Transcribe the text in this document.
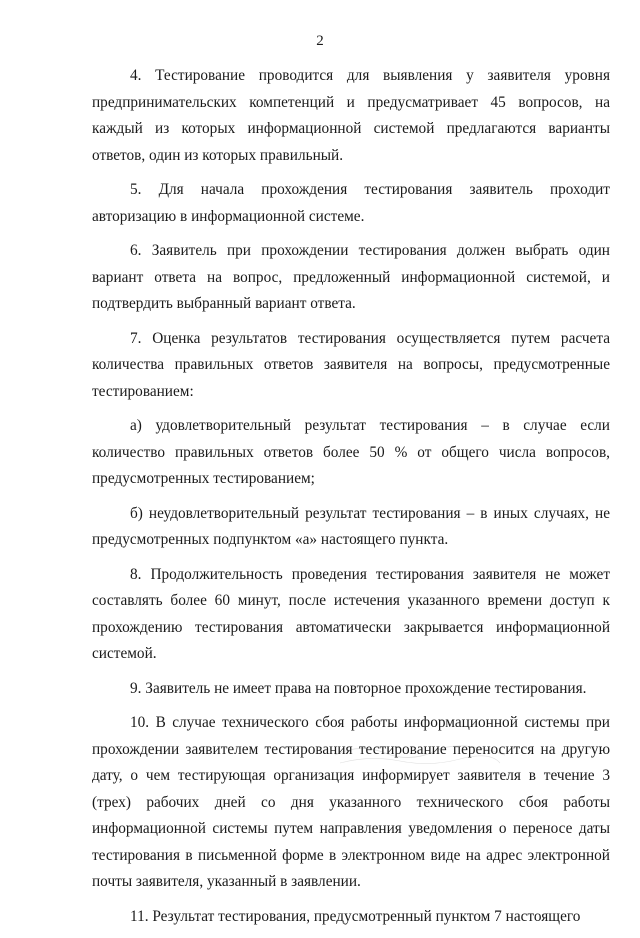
2

4. Тестирование проводится для выявления у заявителя уровня предпринимательских компетенций и предусматривает 45 вопросов, на каждый из которых информационной системой предлагаются варианты ответов, один из которых правильный.

5. Для начала прохождения тестирования заявитель проходит авторизацию в информационной системе.

6. Заявитель при прохождении тестирования должен выбрать один вариант ответа на вопрос, предложенный информационной системой, и подтвердить выбранный вариант ответа.

7. Оценка результатов тестирования осуществляется путем расчета количества правильных ответов заявителя на вопросы, предусмотренные тестированием:

а) удовлетворительный результат тестирования – в случае если количество правильных ответов более 50 % от общего числа вопросов, предусмотренных тестированием;

б) неудовлетворительный результат тестирования – в иных случаях, не предусмотренных подпунктом «а» настоящего пункта.

8. Продолжительность проведения тестирования заявителя не может составлять более 60 минут, после истечения указанного времени доступ к прохождению тестирования автоматически закрывается информационной системой.

9. Заявитель не имеет права на повторное прохождение тестирования.

10. В случае технического сбоя работы информационной системы при прохождении заявителем тестирования тестирование переносится на другую дату, о чем тестирующая организация информирует заявителя в течение 3 (трех) рабочих дней со дня указанного технического сбоя работы информационной системы путем направления уведомления о переносе даты тестирования в письменной форме в электронном виде на адрес электронной почты заявителя, указанный в заявлении.

11. Результат тестирования, предусмотренный пунктом 7 настоящего
